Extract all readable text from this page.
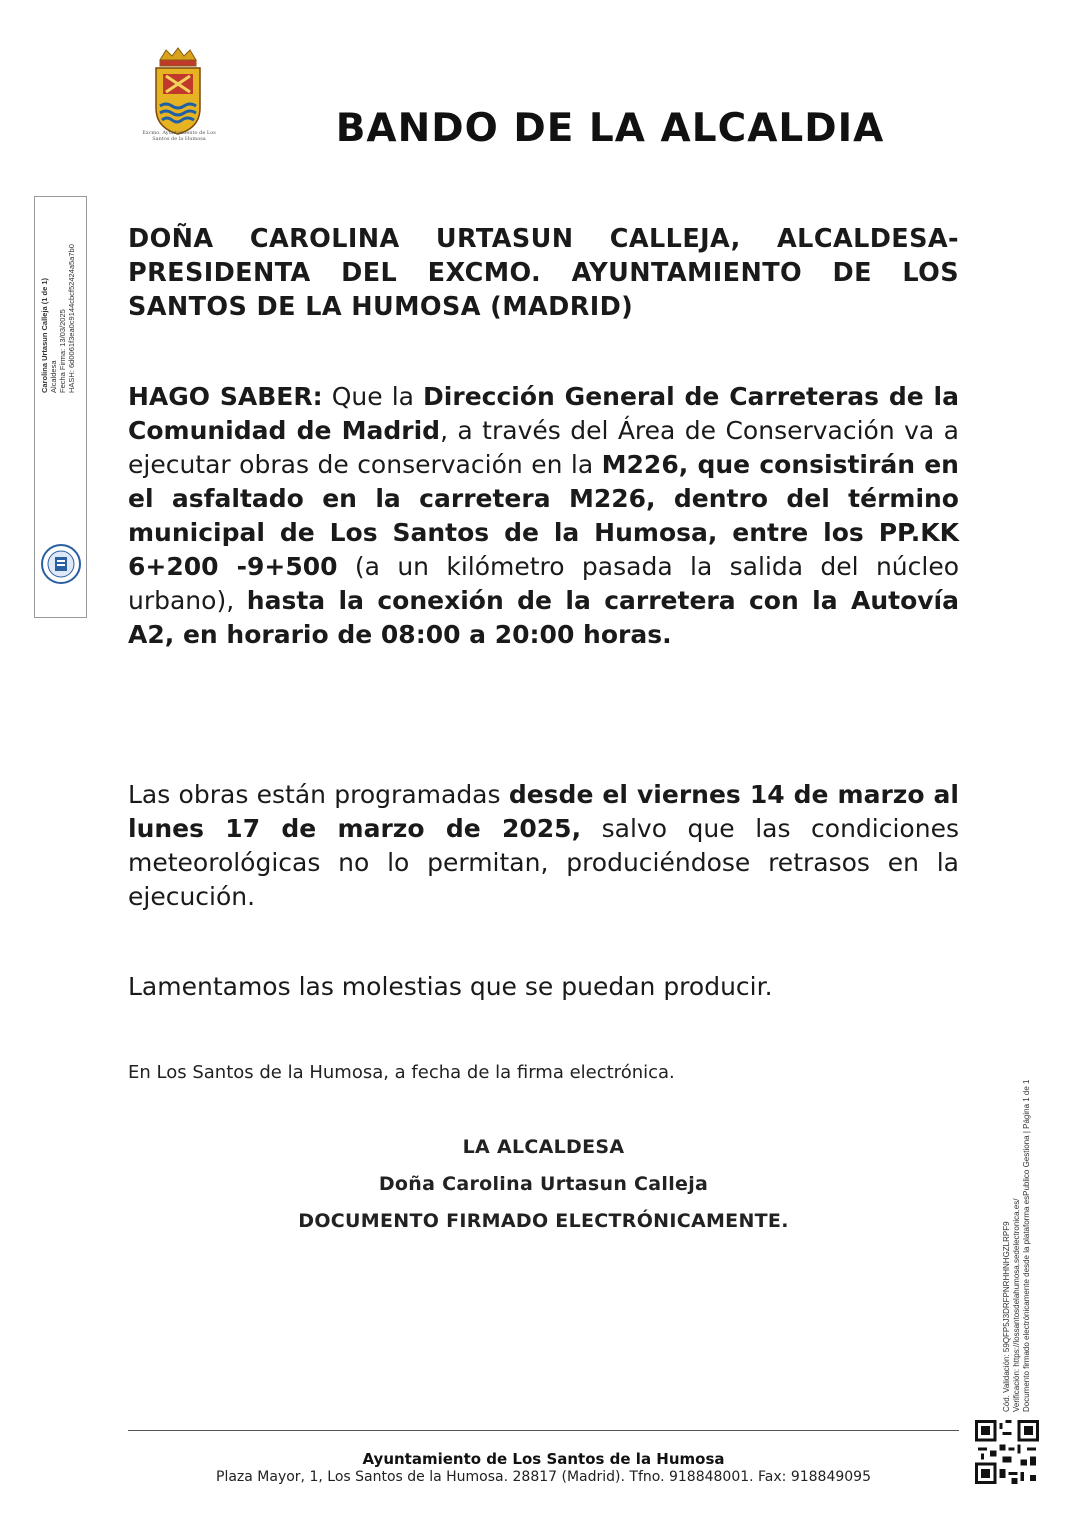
Excmo. Ayuntamiento de Los Santos de la Humosa	BANDO DE LA ALCALDIA
Carolina Urtasun Calleja (1 de 1) Alcaldesa Fecha Firma: 13/03/2025 HASH: 6d0061f3ea0c9144cbcf52424a5a7b0
DOÑA CAROLINA URTASUN CALLEJA, ALCALDESA-PRESIDENTA DEL EXCMO. AYUNTAMIENTO DE LOS SANTOS DE LA HUMOSA (MADRID)
HAGO SABER: Que la Dirección General de Carreteras de la Comunidad de Madrid, a través del Área de Conservación va a ejecutar obras de conservación en la M226, que consistirán en el asfaltado en la carretera M226, dentro del término municipal de Los Santos de la Humosa, entre los PP.KK 6+200 -9+500 (a un kilómetro pasada la salida del núcleo urbano), hasta la conexión de la carretera con la Autovía A2, en horario de 08:00 a 20:00 horas.
Las obras están programadas desde el viernes 14 de marzo al lunes 17 de marzo de 2025, salvo que las condiciones meteorológicas no lo permitan, produciéndose retrasos en la ejecución.
Lamentamos las molestias que se puedan producir.
En Los Santos de la Humosa, a fecha de la firma electrónica.
LA ALCALDESA
Doña Carolina Urtasun Calleja
DOCUMENTO FIRMADO ELECTRÓNICAMENTE.
Cód. Validación: 59QFP5J3DRFPNRHHNHGZLRPF9 Verificación: https://lossantosdelahumosa.sedelectronica.es/ Documento firmado electrónicamente desde la plataforma esPublico Gestiona | Página 1 de 1
Ayuntamiento de Los Santos de la Humosa
Plaza Mayor, 1, Los Santos de la Humosa. 28817 (Madrid). Tfno. 918848001. Fax: 918849095
